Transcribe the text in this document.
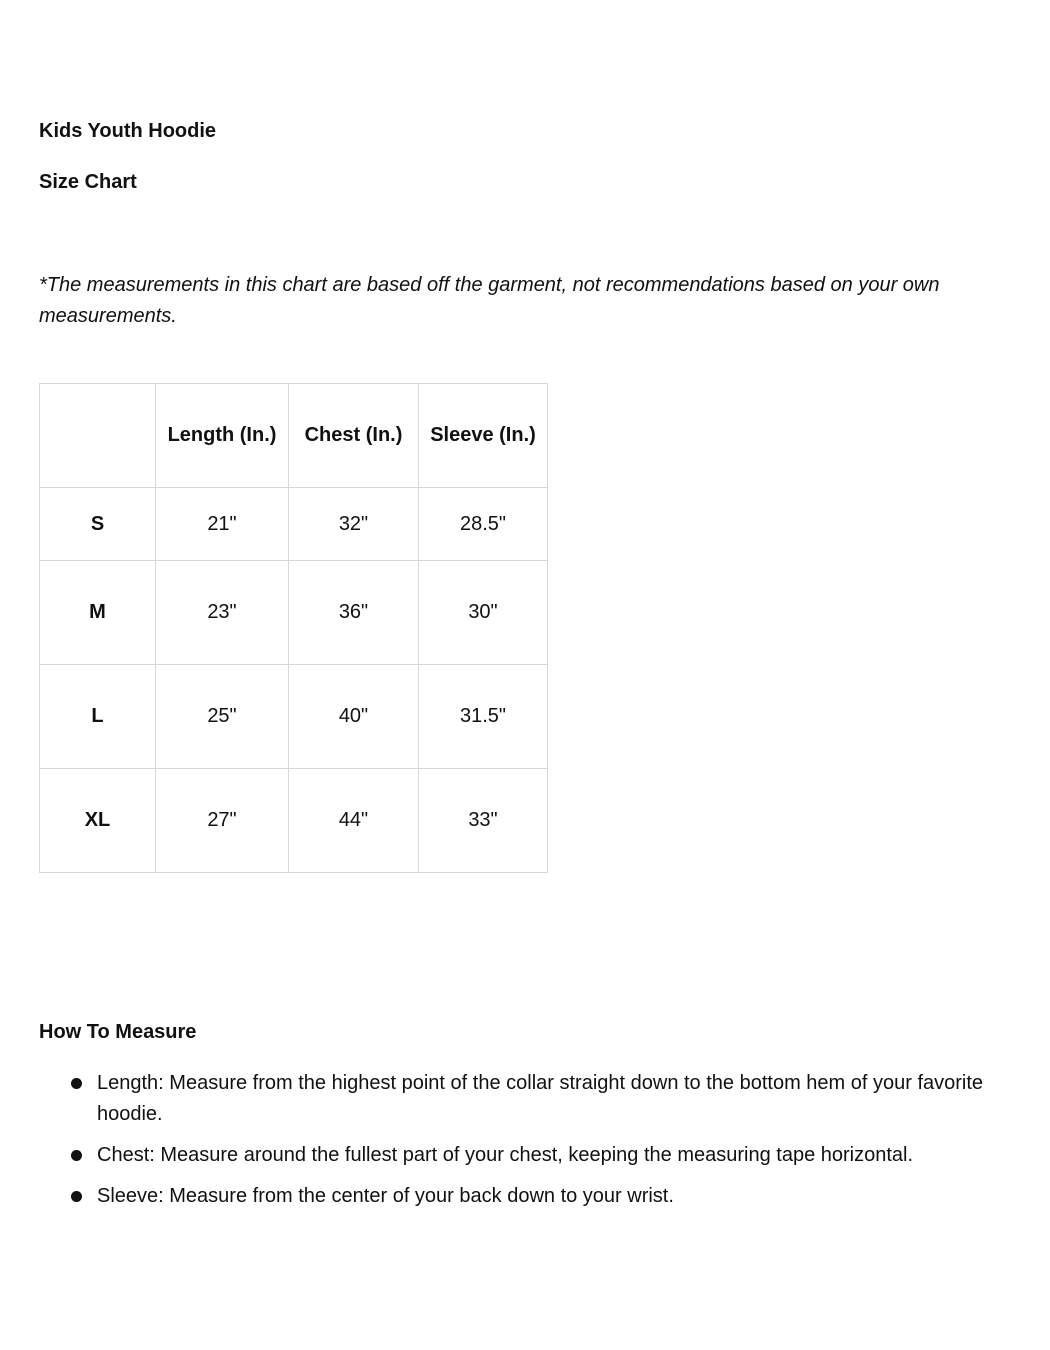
Kids Youth Hoodie
Size Chart
*The measurements in this chart are based off the garment, not recommendations based on your own measurements.
	Length (In.)	Chest (In.)	Sleeve (In.)
S	21"	32"	28.5"
M	23"	36"	30"
L	25"	40"	31.5"
XL	27"	44"	33"
How To Measure
Length: Measure from the highest point of the collar straight down to the bottom hem of your favorite hoodie.
Chest: Measure around the fullest part of your chest, keeping the measuring tape horizontal.
Sleeve: Measure from the center of your back down to your wrist.
